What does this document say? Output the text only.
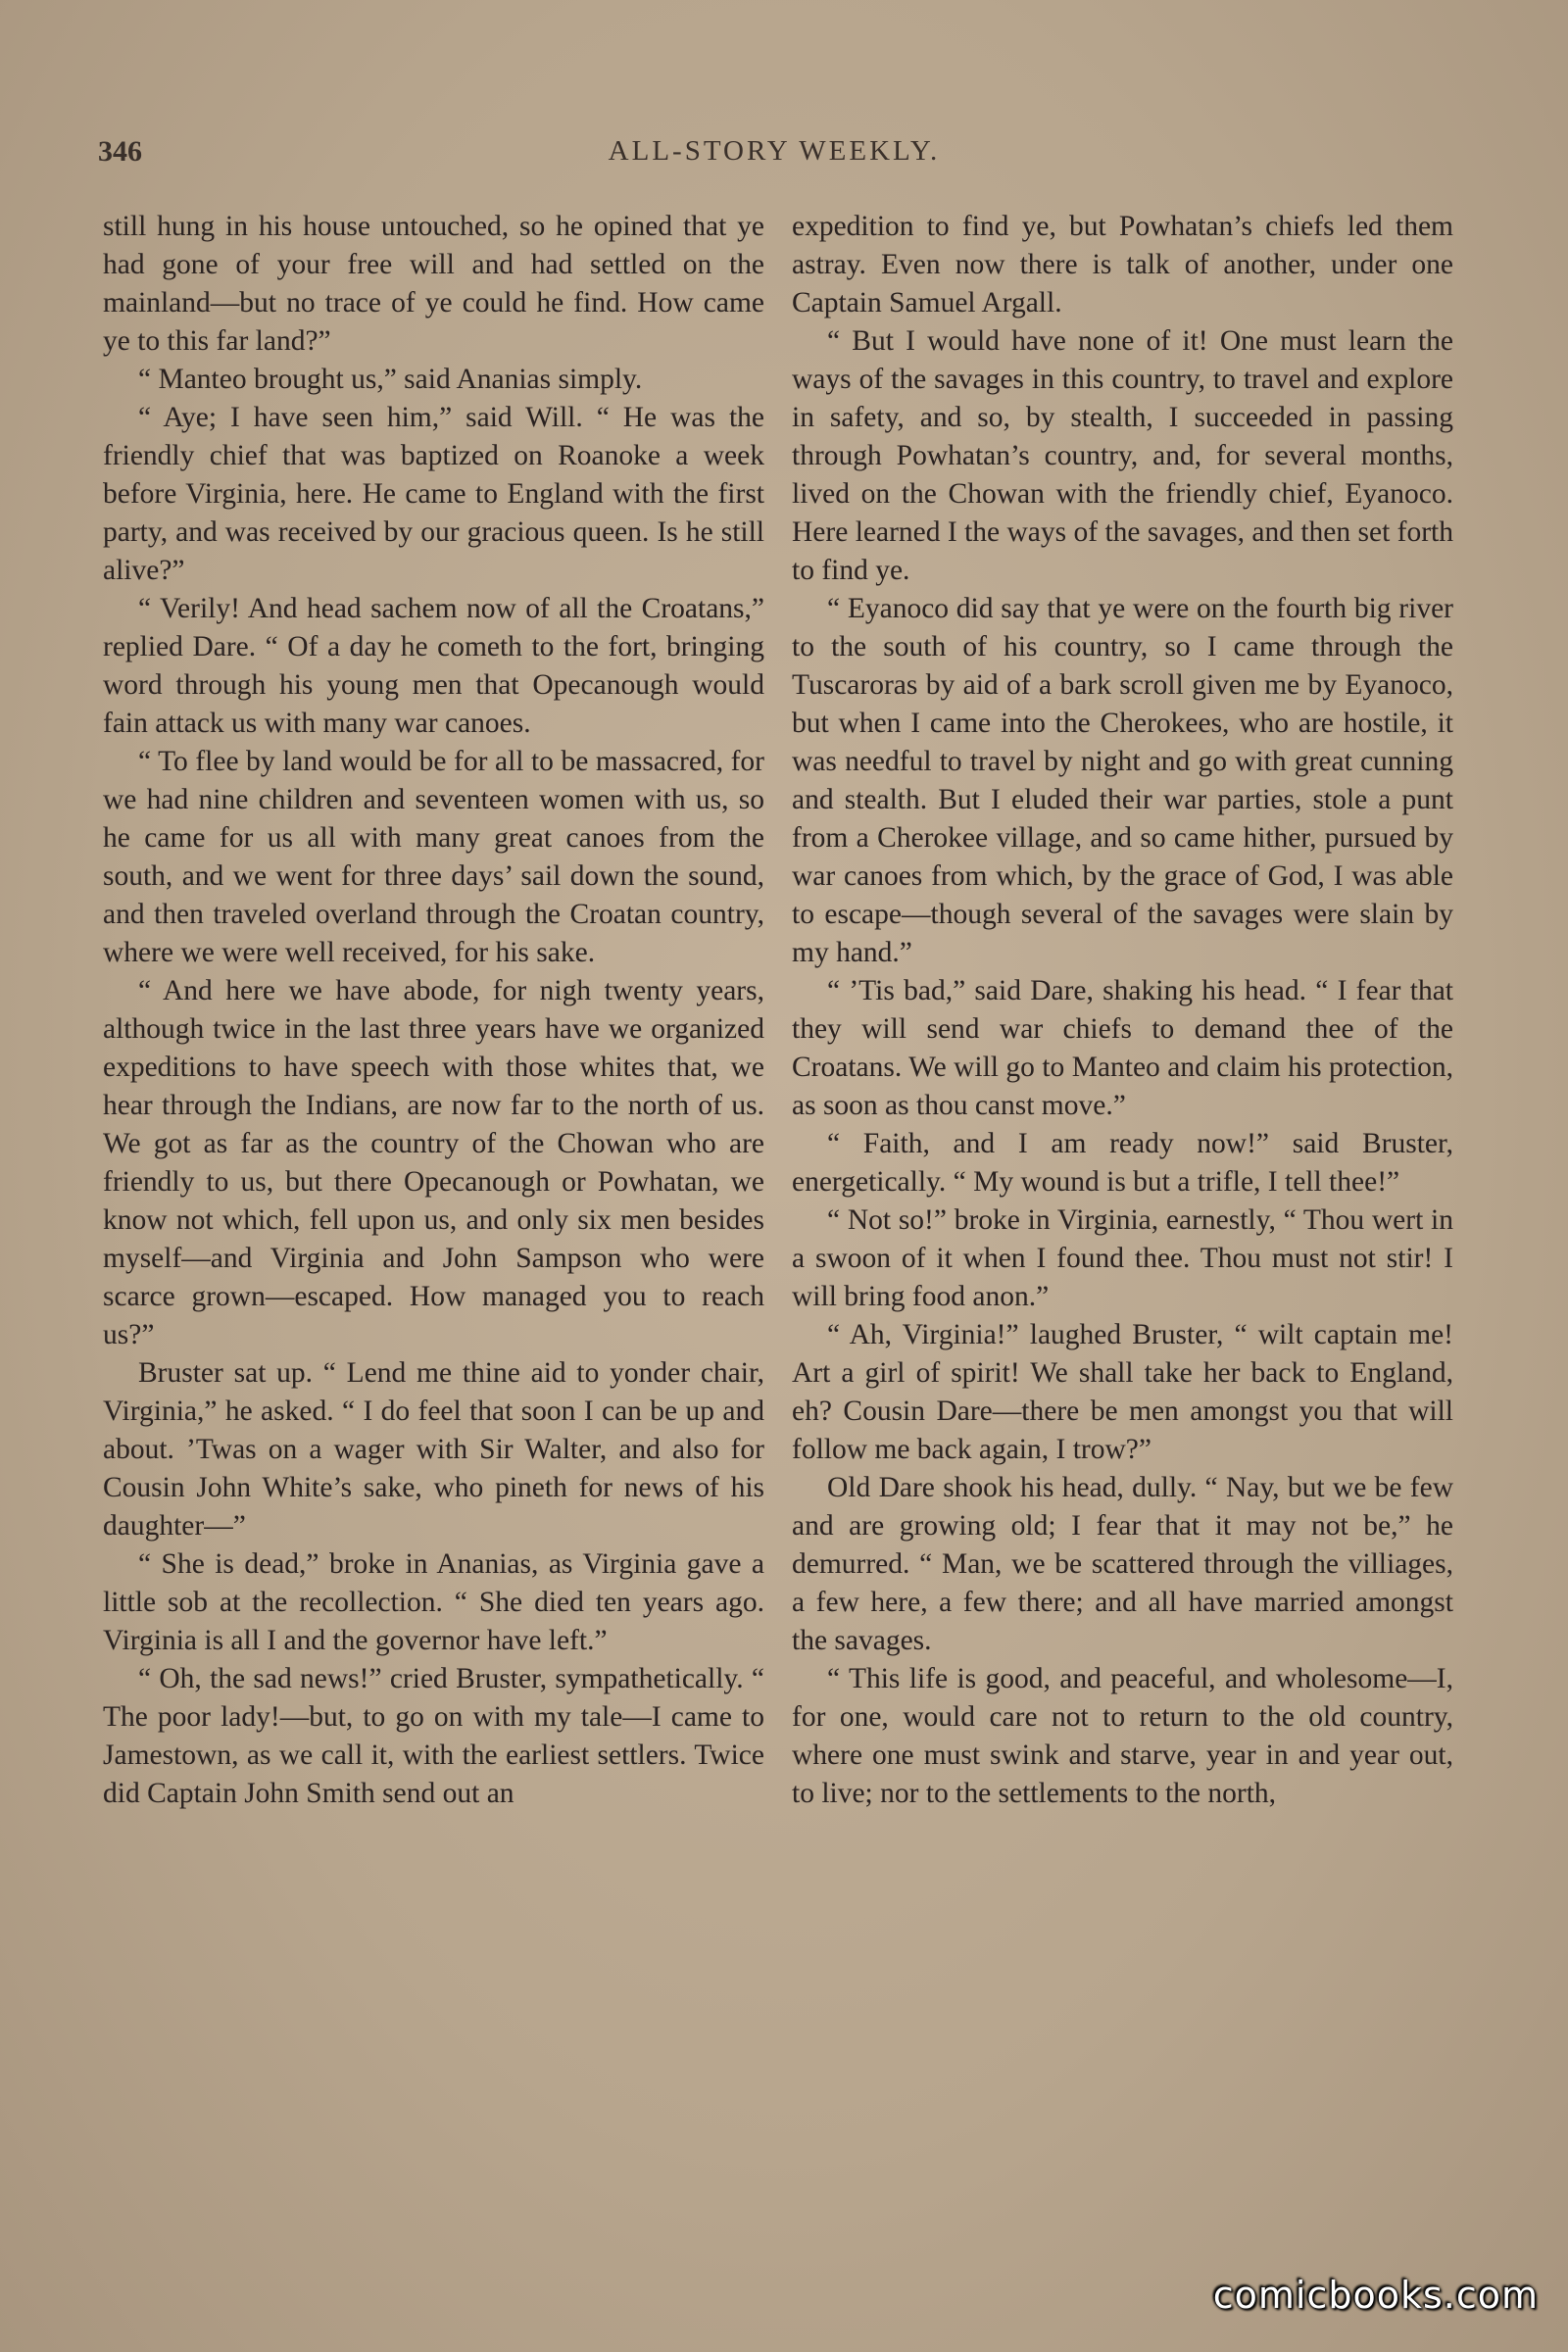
346	ALL-STORY WEEKLY.

still hung in his house untouched, so he opined that ye had gone of your free will and had settled on the mainland—but no trace of ye could he find. How came ye to this far land?”

“ Manteo brought us,” said Ananias simply.

“ Aye; I have seen him,” said Will. “ He was the friendly chief that was baptized on Roanoke a week before Virginia, here. He came to England with the first party, and was received by our gracious queen. Is he still alive?”

“ Verily! And head sachem now of all the Croatans,” replied Dare. “ Of a day he cometh to the fort, bringing word through his young men that Opecanough would fain attack us with many war canoes.

“ To flee by land would be for all to be massacred, for we had nine children and seventeen women with us, so he came for us all with many great canoes from the south, and we went for three days’ sail down the sound, and then traveled overland through the Croatan country, where we were well received, for his sake.

“ And here we have abode, for nigh twenty years, although twice in the last three years have we organized expeditions to have speech with those whites that, we hear through the Indians, are now far to the north of us. We got as far as the country of the Chowan who are friendly to us, but there Opecanough or Powhatan, we know not which, fell upon us, and only six men besides myself—and Virginia and John Sampson who were scarce grown—escaped. How managed you to reach us?”

Bruster sat up. “ Lend me thine aid to yonder chair, Virginia,” he asked. “ I do feel that soon I can be up and about. ’Twas on a wager with Sir Walter, and also for Cousin John White’s sake, who pineth for news of his daughter—”

“ She is dead,” broke in Ananias, as Virginia gave a little sob at the recollection. “ She died ten years ago. Virginia is all I and the governor have left.”

“ Oh, the sad news!” cried Bruster, sympathetically. “ The poor lady!—but, to go on with my tale—I came to Jamestown, as we call it, with the earliest settlers. Twice did Captain John Smith send out an

expedition to find ye, but Powhatan’s chiefs led them astray. Even now there is talk of another, under one Captain Samuel Argall.

“ But I would have none of it! One must learn the ways of the savages in this country, to travel and explore in safety, and so, by stealth, I succeeded in passing through Powhatan’s country, and, for several months, lived on the Chowan with the friendly chief, Eyanoco. Here learned I the ways of the savages, and then set forth to find ye.

“ Eyanoco did say that ye were on the fourth big river to the south of his country, so I came through the Tuscaroras by aid of a bark scroll given me by Eyanoco, but when I came into the Cherokees, who are hostile, it was needful to travel by night and go with great cunning and stealth. But I eluded their war parties, stole a punt from a Cherokee village, and so came hither, pursued by war canoes from which, by the grace of God, I was able to escape—though several of the savages were slain by my hand.”

“ ’Tis bad,” said Dare, shaking his head. “ I fear that they will send war chiefs to demand thee of the Croatans. We will go to Manteo and claim his protection, as soon as thou canst move.”

“ Faith, and I am ready now!” said Bruster, energetically. “ My wound is but a trifle, I tell thee!”

“ Not so!” broke in Virginia, earnestly, “ Thou wert in a swoon of it when I found thee. Thou must not stir! I will bring food anon.”

“ Ah, Virginia!” laughed Bruster, “ wilt captain me! Art a girl of spirit! We shall take her back to England, eh? Cousin Dare—there be men amongst you that will follow me back again, I trow?”

Old Dare shook his head, dully. “ Nay, but we be few and are growing old; I fear that it may not be,” he demurred. “ Man, we be scattered through the villiages, a few here, a few there; and all have married amongst the savages.

“ This life is good, and peaceful, and wholesome—I, for one, would care not to return to the old country, where one must swink and starve, year in and year out, to live; nor to the settlements to the north,

comicbooks.com
